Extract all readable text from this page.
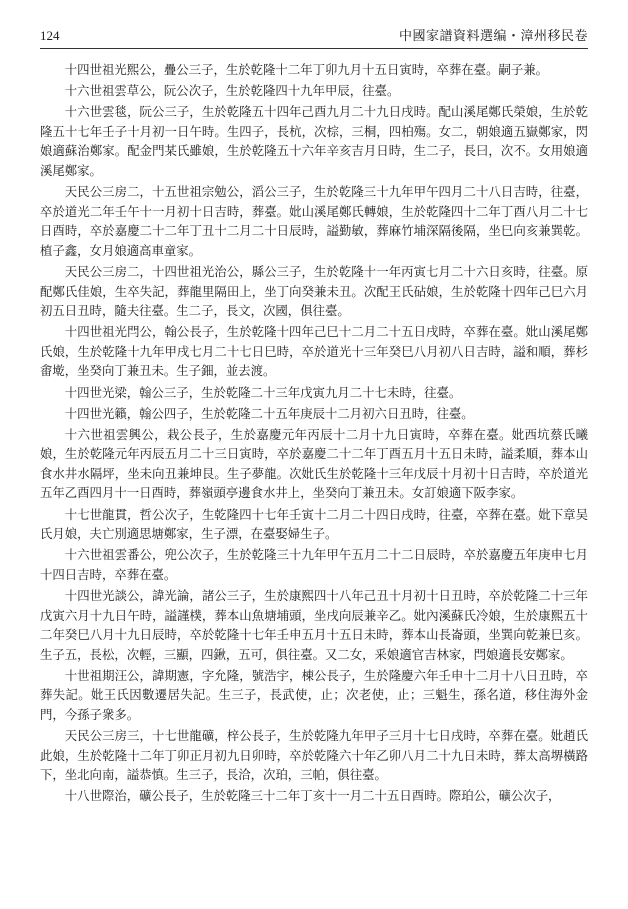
124	中國家譜資料選编・漳州移民卷

十四世祖光熙公，疊公三子，生於乾隆十二年丁卯九月十五日寅時，卒葬在臺。嗣子兼。

十六世祖雲草公，阮公次子，生於乾隆四十九年甲辰，往臺。

十六世雲毯，阮公三子，生於乾隆五十四年己酉九月二十九日戌時。配山溪尾鄭氏榮娘，生於乾隆五十七年壬子十月初一日午時。生四子，長杭，次棕，三桐，四柏殤。女二，朝娘適五嶽鄭家，閃娘適蘇治鄭家。配金門某氏雖娘，生於乾隆五十六年辛亥吉月日時，生二子，長曰，次不。女用娘適溪尾鄭家。

天民公三房二，十五世祖宗勉公，滔公三子，生於乾隆三十九年甲午四月二十八日吉時，往臺，卒於道光二年壬午十一月初十日吉時，葬臺。妣山溪尾鄭氏轉娘，生於乾隆四十二年丁酉八月二十七日酉時，卒於嘉慶二十二年丁丑十二月二十日辰時，謚勤敏，葬麻竹埔深隔後隔，坐巳向亥兼巽乾。植子鑫，女月娘適高車童家。

天民公三房二，十四世祖光治公，縣公三子，生於乾隆十一年丙寅七月二十六日亥時，往臺。原配鄭氏佳娘，生卒失記，葬龍里隔田上，坐丁向癸兼未丑。次配王氏砧娘，生於乾隆十四年己巳六月初五日丑時，隨夫往臺。生二子，長文，次國，俱往臺。

十四世祖光閂公，翰公長子，生於乾隆十四年己巳十二月二十五日戌時，卒葬在臺。妣山溪尾鄭氏娘，生於乾隆十九年甲戌七月二十七日巳時，卒於道光十三年癸巳八月初八日吉時，謚和順，葬杉畬墘，坐癸向丁兼丑未。生子鈿，並去渡。

十四世光梁，翰公三子，生於乾隆二十三年戊寅九月二十七未時，往臺。

十四世光籟，翰公四子，生於乾隆二十五年庚辰十二月初六日丑時，往臺。

十六世祖雲興公，栽公長子，生於嘉慶元年丙辰十二月十九日寅時，卒葬在臺。妣西坑蔡氏曦娘，生於乾隆元年丙辰五月二十三日寅時，卒於嘉慶二十二年丁酉五月十五日未時，謚柔順，葬本山食水井水隔坪，坐未向丑兼坤艮。生子夢龍。次妣氏生於乾隆十三年戊辰十月初十日吉時，卒於道光五年乙酉四月十一日酉時，葬嶺頭亭邊食水井上，坐癸向丁兼丑未。女訂娘適下阪李家。

十七世龍貫，哲公次子，生乾隆四十七年壬寅十二月二十四日戌時，往臺，卒葬在臺。妣下章吴氏月娘，夫亡別適思塘鄭家，生子漂，在臺娶婦生子。

十六世祖雲番公，兜公次子，生於乾隆三十九年甲午五月二十二日辰時，卒於嘉慶五年庚申七月十四日吉時，卒葬在臺。

十四世光談公，諱光論，諸公三子，生於康熙四十八年己丑十月初十日丑時，卒於乾隆二十三年戊寅六月十九日午時，謚謹樸，葬本山魚塘埔頭，坐戌向辰兼辛乙。妣內溪蘇氏冷娘，生於康熙五十二年癸巳八月十九日辰時，卒於乾隆十七年壬申五月十五日未時，葬本山長崙頭，坐巽向乾兼巳亥。生子五，長松，次輕，三顯，四鍬，五可，俱往臺。又二女，釆娘適官吉林家，閂娘適長安鄭家。

十世祖期汪公，諱期憲，字允隆，號浩宇，棟公長子，生於隆慶六年壬申十二月十八日丑時，卒葬失記。妣王氏因數遷居失記。生三子，長武使，止；次老使，止；三魁生，孫名道，移住海外金門，今孫子衆多。

天民公三房三，十七世龍礦，梓公長子，生於乾隆九年甲子三月十七日戌時，卒葬在臺。妣趙氏此娘，生於乾隆十二年丁卯正月初九日卯時，卒於乾隆六十年乙卯八月二十九日未時，葬太高堺橫路下，坐北向南，謚恭慎。生三子，長洽，次珀，三帕，俱往臺。

十八世際治，礦公長子，生於乾隆三十二年丁亥十一月二十五日酉時。際珀公，礦公次子，
